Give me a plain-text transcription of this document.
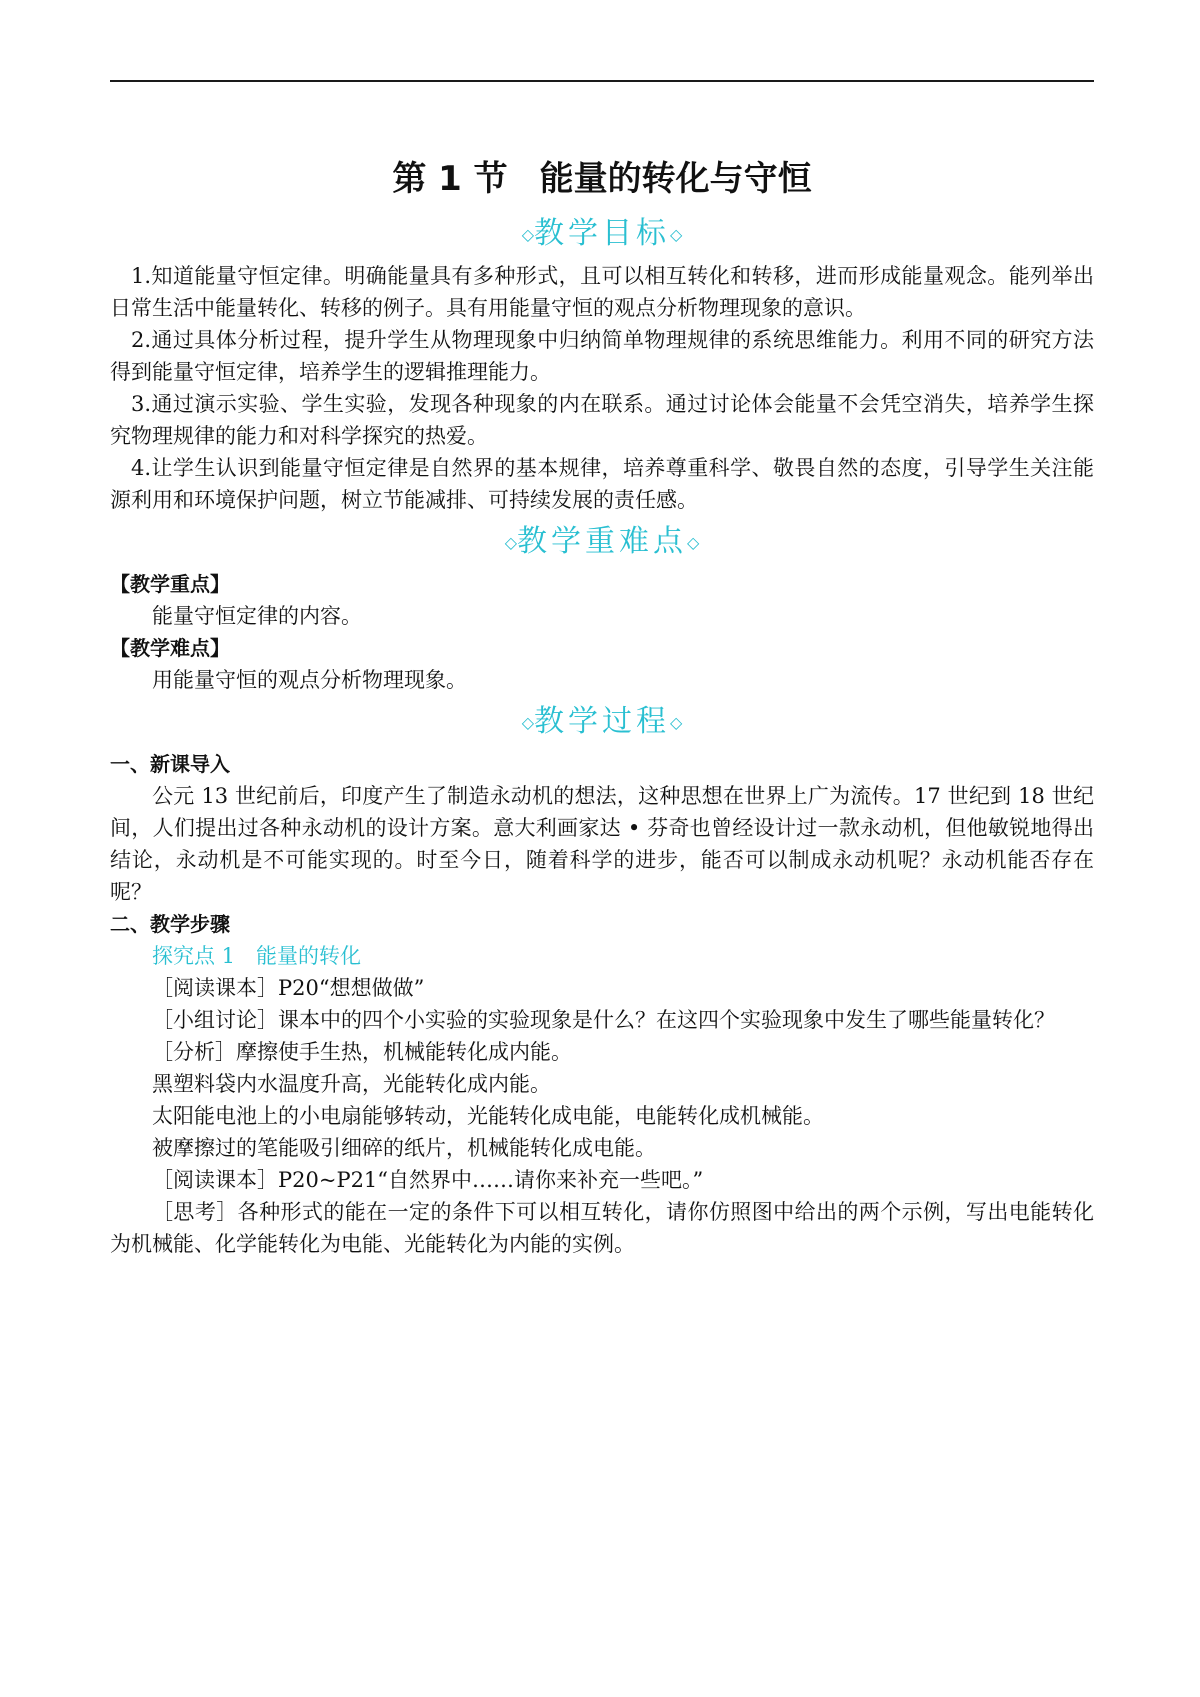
第 1 节 能量的转化与守恒
◇教学目标◇

1.知道能量守恒定律。明确能量具有多种形式，且可以相互转化和转移，进而形成能量观念。能列举出日常生活中能量转化、转移的例子。具有用能量守恒的观点分析物理现象的意识。

2.通过具体分析过程，提升学生从物理现象中归纳简单物理规律的系统思维能力。利用不同的研究方法得到能量守恒定律，培养学生的逻辑推理能力。

3.通过演示实验、学生实验，发现各种现象的内在联系。通过讨论体会能量不会凭空消失，培养学生探究物理规律的能力和对科学探究的热爱。

4.让学生认识到能量守恒定律是自然界的基本规律，培养尊重科学、敬畏自然的态度，引导学生关注能源利用和环境保护问题，树立节能减排、可持续发展的责任感。

◇教学重难点◇

【教学重点】

能量守恒定律的内容。

【教学难点】

用能量守恒的观点分析物理现象。

◇教学过程◇

一、新课导入

公元 13 世纪前后，印度产生了制造永动机的想法，这种思想在世界上广为流传。17 世纪到 18 世纪间，人们提出过各种永动机的设计方案。意大利画家达 • 芬奇也曾经设计过一款永动机，但他敏锐地得出结论，永动机是不可能实现的。时至今日，随着科学的进步，能否可以制成永动机呢？永动机能否存在呢？

二、教学步骤

探究点 1　能量的转化

［阅读课本］P20“想想做做”

［小组讨论］课本中的四个小实验的实验现象是什么？在这四个实验现象中发生了哪些能量转化？

［分析］摩擦使手生热，机械能转化成内能。

黑塑料袋内水温度升高，光能转化成内能。

太阳能电池上的小电扇能够转动，光能转化成电能，电能转化成机械能。

被摩擦过的笔能吸引细碎的纸片，机械能转化成电能。

［阅读课本］P20~P21“自然界中……请你来补充一些吧。”

［思考］各种形式的能在一定的条件下可以相互转化，请你仿照图中给出的两个示例，写出电能转化为机械能、化学能转化为电能、光能转化为内能的实例。
